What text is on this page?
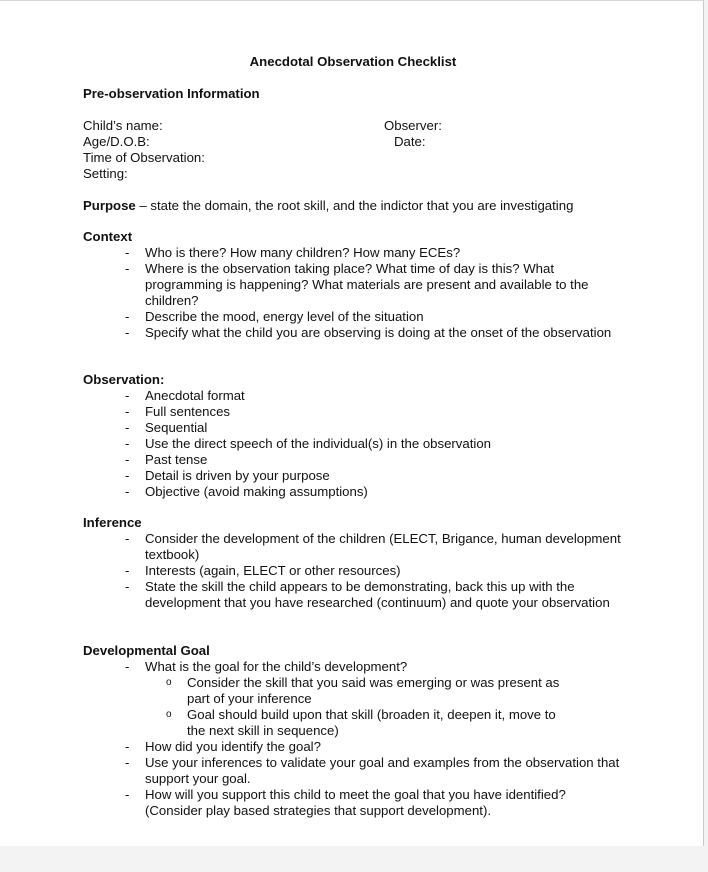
Anecdotal Observation Checklist
Pre-observation Information
Child’s name:	Observer:
Age/D.O.B:	Date:
Time of Observation:
Setting:
Purpose – state the domain, the root skill, and the indictor that you are investigating
Context
- Who is there? How many children? How many ECEs?
- Where is the observation taking place? What time of day is this? What programming is happening? What materials are present and available to the children?
- Describe the mood, energy level of the situation
- Specify what the child you are observing is doing at the onset of the observation
Observation:
- Anecdotal format
- Full sentences
- Sequential
- Use the direct speech of the individual(s) in the observation
- Past tense
- Detail is driven by your purpose
- Objective (avoid making assumptions)
Inference
- Consider the development of the children (ELECT, Brigance, human development textbook)
- Interests (again, ELECT or other resources)
- State the skill the child appears to be demonstrating, back this up with the development that you have researched (continuum) and quote your observation
Developmental Goal
- What is the goal for the child’s development?
o Consider the skill that you said was emerging or was present as part of your inference
o Goal should build upon that skill (broaden it, deepen it, move to the next skill in sequence)
- How did you identify the goal?
- Use your inferences to validate your goal and examples from the observation that support your goal.
- How will you support this child to meet the goal that you have identified? (Consider play based strategies that support development).
